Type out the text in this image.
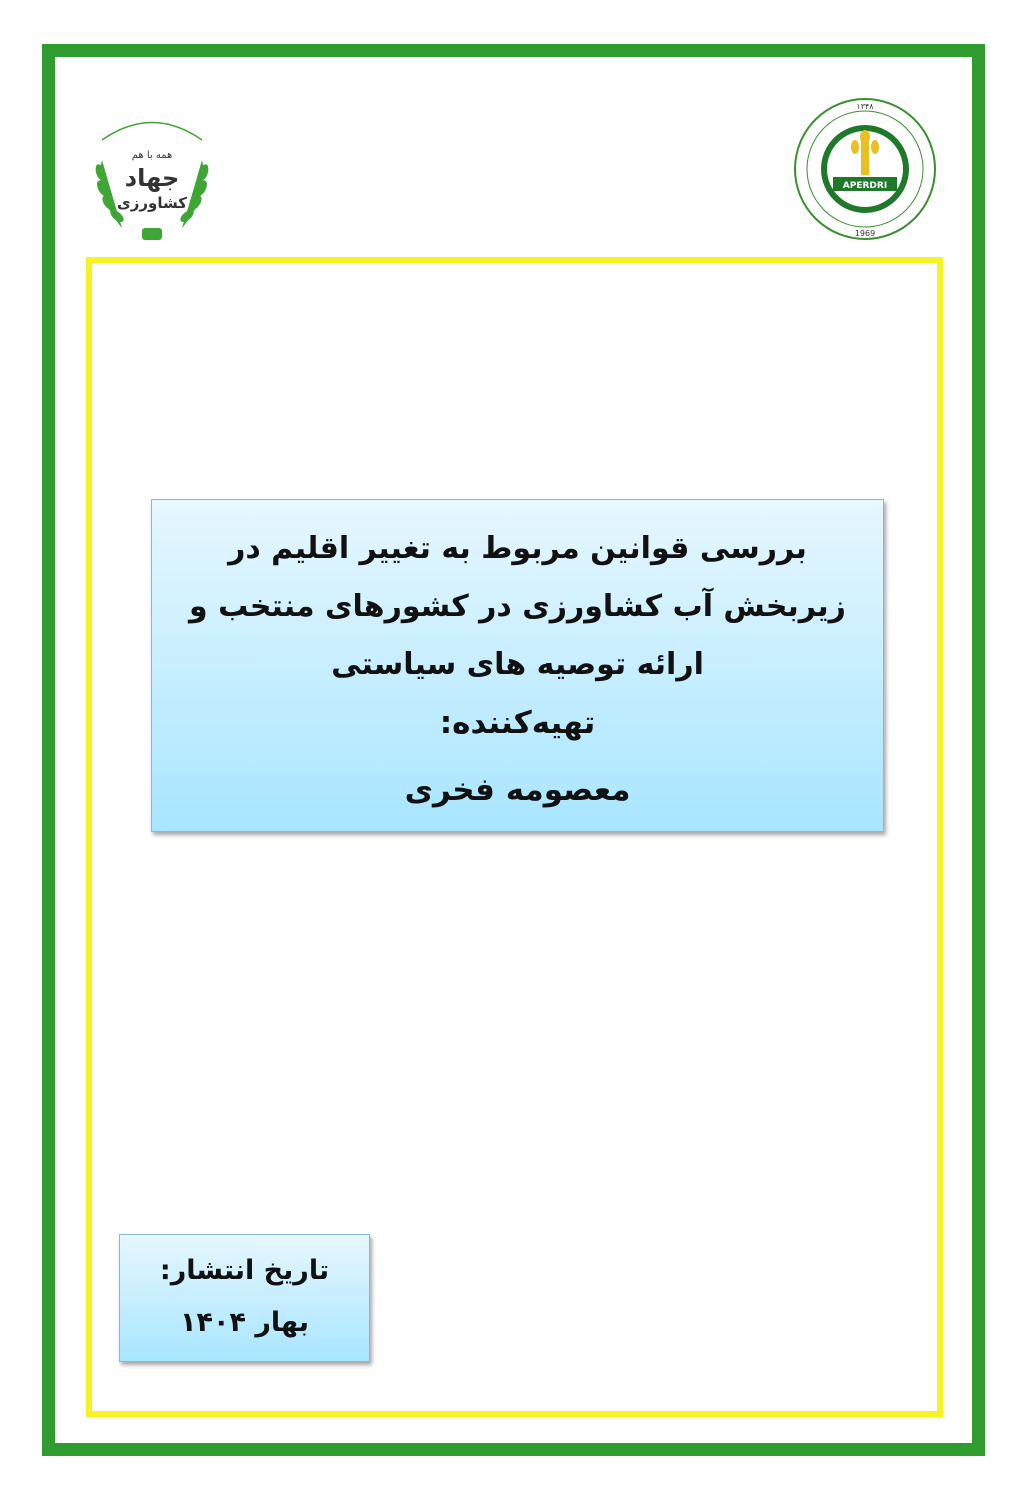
همه با هم
جهاد
کشاورزی
APERDRI
۱۳۴۸
1969
بررسی قوانین مربوط به تغییر اقلیم در زیربخش آب کشاورزی در کشورهای منتخب و ارائه توصیه های سیاستی
تهیه‌کننده:
معصومه فخری
تاریخ انتشار:
بهار ۱۴۰۴
